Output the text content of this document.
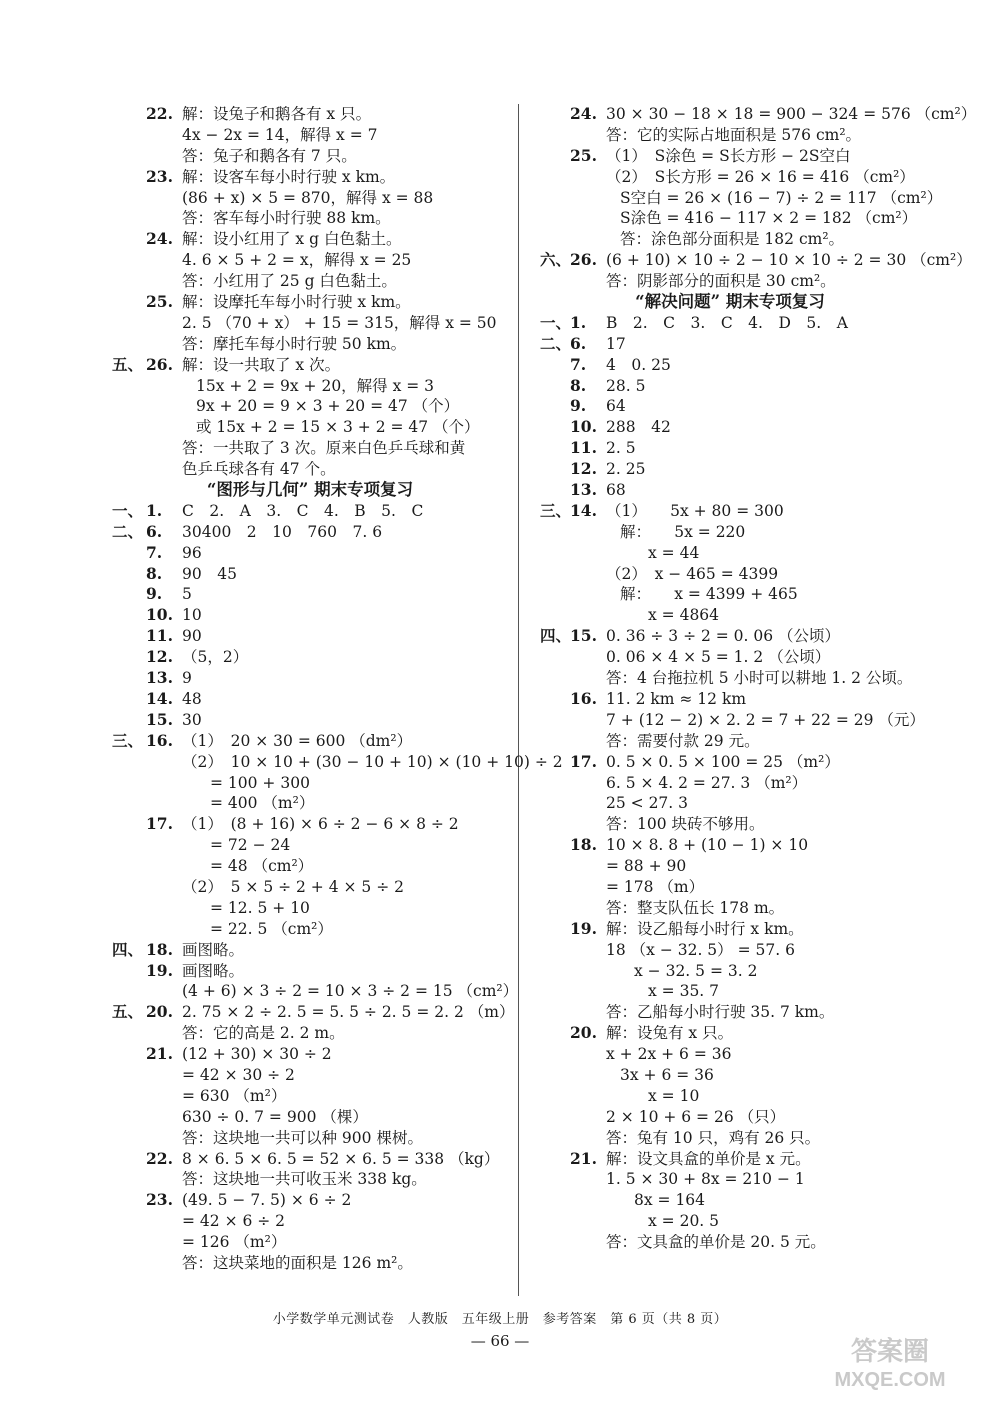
22. 解：设兔子和鹅各有 x 只。
4x − 2x = 14，解得 x = 7
答：兔子和鹅各有 7 只。
23. 解：设客车每小时行驶 x km。
(86 + x) × 5 = 870，解得 x = 88
答：客车每小时行驶 88 km。
24. 解：设小红用了 x g 白色黏土。
4. 6 × 5 + 2 = x，解得 x = 25
答：小红用了 25 g 白色黏土。
25. 解：设摩托车每小时行驶 x km。
2. 5 （70 + x） + 15 = 315，解得 x = 50
答：摩托车每小时行驶 50 km。
五、 26. 解：设一共取了 x 次。
15x + 2 = 9x + 20，解得 x = 3
9x + 20 = 9 × 3 + 20 = 47 （个）
或 15x + 2 = 15 × 3 + 2 = 47 （个）
答：一共取了 3 次。原来白色乒乓球和黄
色乒乓球各有 47 个。
“图形与几何” 期末专项复习
一、 1. C　2.　A　3.　C　4.　B　5.　C
二、 6. 30400　2　10　760　7. 6
7. 96
8. 90　45
9. 5
10. 10
11. 90
12. （5，2）
13. 9
14. 48
15. 30
三、 16. （1）　20 × 30 = 600 （dm²）
（2）　10 × 10 + (30 − 10 + 10) × (10 + 10) ÷ 2
= 100 + 300
= 400 （m²）
17. （1）　(8 + 16) × 6 ÷ 2 − 6 × 8 ÷ 2
= 72 − 24
= 48 （cm²）
（2）　5 × 5 ÷ 2 + 4 × 5 ÷ 2
= 12. 5 + 10
= 22. 5 （cm²）
四、 18. 画图略。
19. 画图略。
(4 + 6) × 3 ÷ 2 = 10 × 3 ÷ 2 = 15 （cm²）
五、 20. 2. 75 × 2 ÷ 2. 5 = 5. 5 ÷ 2. 5 = 2. 2 （m）
答：它的高是 2. 2 m。
21. (12 + 30) × 30 ÷ 2
= 42 × 30 ÷ 2
= 630 （m²）
630 ÷ 0. 7 = 900 （棵）
答：这块地一共可以种 900 棵树。
22. 8 × 6. 5 × 6. 5 = 52 × 6. 5 = 338 （kg）
答：这块地一共可收玉米 338 kg。
23. (49. 5 − 7. 5) × 6 ÷ 2
= 42 × 6 ÷ 2
= 126 （m²）
答：这块菜地的面积是 126 m²。
24. 30 × 30 − 18 × 18 = 900 − 324 = 576 （cm²）
答：它的实际占地面积是 576 cm²。
25. （1）　S涂色 = S长方形 − 2S空白
（2）　S长方形 = 26 × 16 = 416 （cm²）
S空白 = 26 × (16 − 7) ÷ 2 = 117 （cm²）
S涂色 = 416 − 117 × 2 = 182 （cm²）
答：涂色部分面积是 182 cm²。
六、
26. (6 + 10) × 10 ÷ 2 − 10 × 10 ÷ 2 = 30 （cm²）
答：阴影部分的面积是 30 cm²。
“解决问题” 期末专项复习
一、
1. B　2.　C　3.　C　4.　D　5.　A
二、
6. 17
7. 4　0. 25
8. 28. 5
9. 64
10. 288　42
11. 2. 5
12. 2. 25
13. 68
三、
14. （1）　　5x + 80 = 300
解：　　5x = 220
x = 44
（2）　x − 465 = 4399
解：　　x = 4399 + 465
x = 4864
四、
15. 0. 36 ÷ 3 ÷ 2 = 0. 06 （公顷）
0. 06 × 4 × 5 = 1. 2 （公顷）
答：4 台拖拉机 5 小时可以耕地 1. 2 公顷。
16. 11. 2 km ≈ 12 km
7 + (12 − 2) × 2. 2 = 7 + 22 = 29 （元）
答：需要付款 29 元。
17. 0. 5 × 0. 5 × 100 = 25 （m²）
6. 5 × 4. 2 = 27. 3 （m²）
25 < 27. 3
答：100 块砖不够用。
18. 10 × 8. 8 + (10 − 1) × 10
= 88 + 90
= 178 （m）
答：整支队伍长 178 m。
19. 解：设乙船每小时行 x km。
18 （x − 32. 5） = 57. 6
x − 32. 5 = 3. 2
x = 35. 7
答：乙船每小时行驶 35. 7 km。
20. 解：设兔有 x 只。
x + 2x + 6 = 36
3x + 6 = 36
x = 10
2 × 10 + 6 = 26 （只）
答：兔有 10 只，鸡有 26 只。
21. 解：设文具盒的单价是 x 元。
1. 5 × 30 + 8x = 210 − 1
8x = 164
x = 20. 5
答：文具盒的单价是 20. 5 元。
小学数学单元测试卷　人教版　五年级上册　参考答案　第 6 页（共 8 页）
— 66 —	答案圈
MXQE.COM
